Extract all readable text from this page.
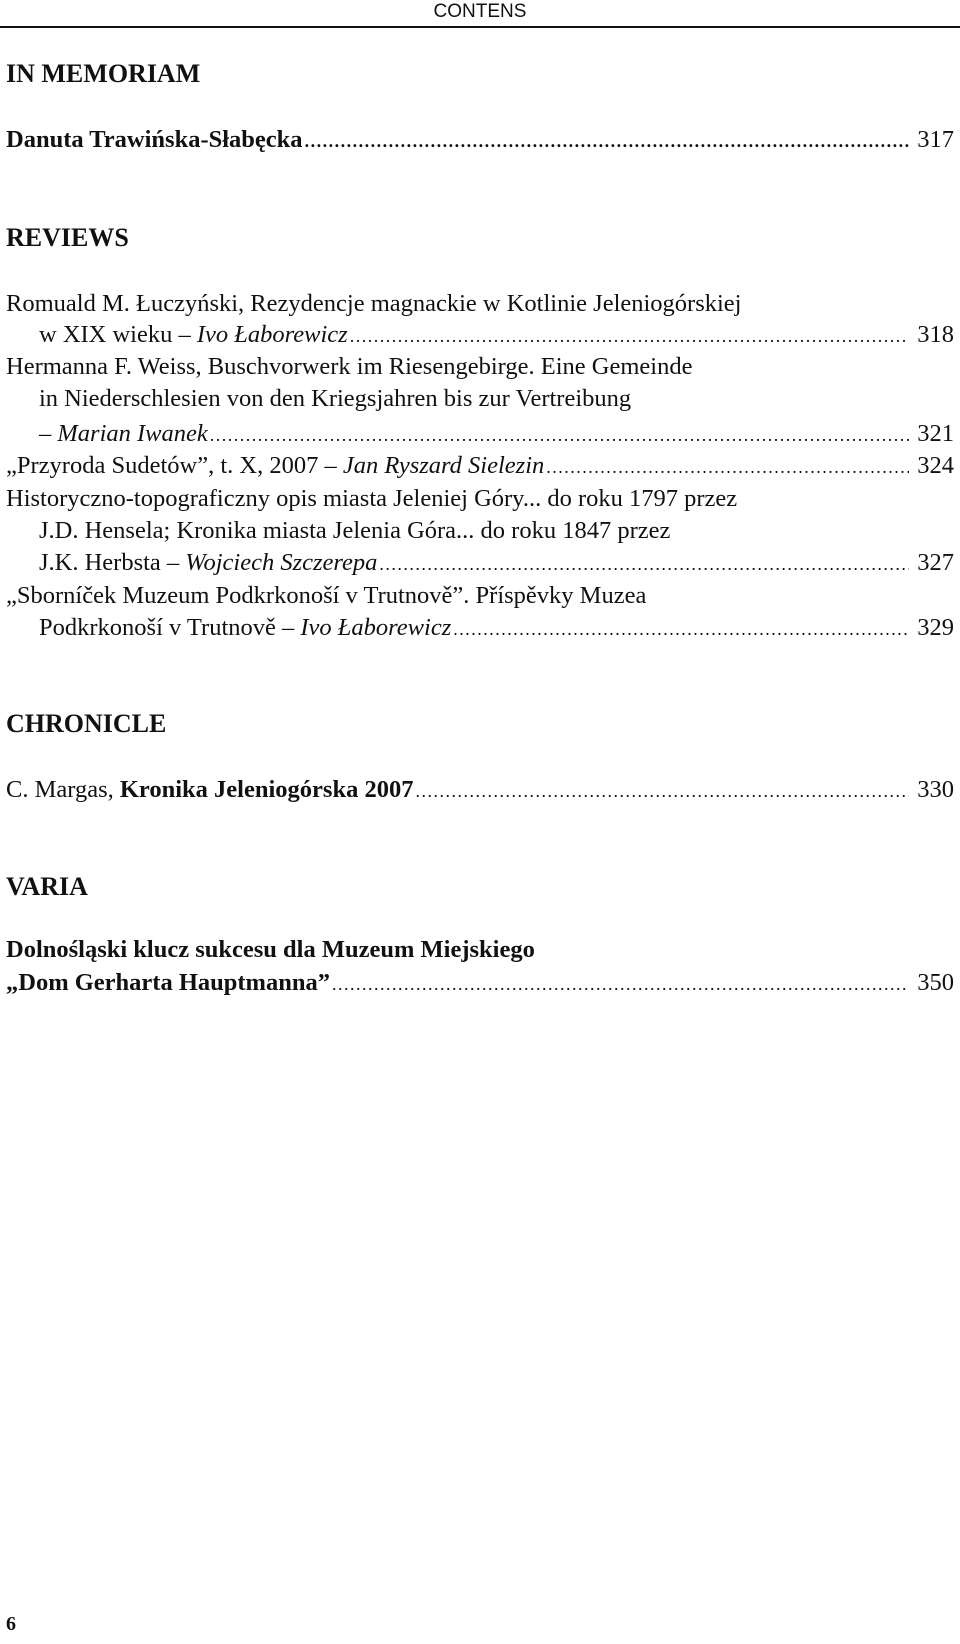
CONTENS
IN MEMORIAM
Danuta Trawińska-Słabęcka .....	317
REVIEWS
Romuald M. Łuczyński, Rezydencje magnackie w Kotlinie Jeleniogórskiej
w XIX wieku – Ivo Łaborewicz .....	318
Hermanna F. Weiss, Buschvorwerk im Riesengebirge. Eine Gemeinde
in Niederschlesien von den Kriegsjahren bis zur Vertreibung
– Marian Iwanek .....	321
„Przyroda Sudetów”, t. X, 2007 – Jan Ryszard Sielezin .....	324
Historyczno-topograficzny opis miasta Jeleniej Góry... do roku 1797 przez
J.D. Hensela; Kronika miasta Jelenia Góra... do roku 1847 przez
J.K. Herbsta – Wojciech Szczerepa .....	327
„Sborníček Muzeum Podkrkonoší v Trutnově”. Příspěvky Muzea
Podkrkonoší v Trutnově – Ivo Łaborewicz .....	329
CHRONICLE
C. Margas, Kronika Jeleniogórska 2007 .....	330
VARIA
Dolnośląski klucz sukcesu dla Muzeum Miejskiego
„Dom Gerharta Hauptmanna” .....	350
6
